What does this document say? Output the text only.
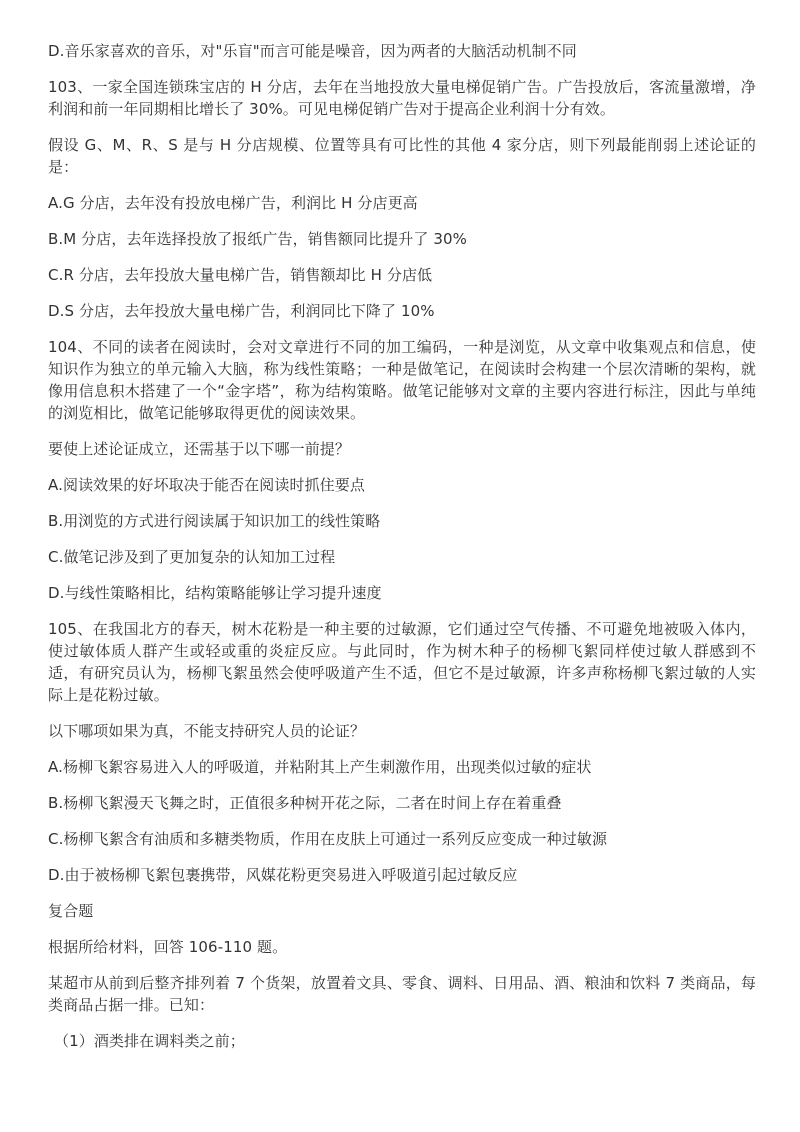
D.音乐家喜欢的音乐，对"乐盲"而言可能是噪音，因为两者的大脑活动机制不同

103、一家全国连锁珠宝店的 H 分店，去年在当地投放大量电梯促销广告。广告投放后，客流量激增，净利润和前一年同期相比增长了 30%。可见电梯促销广告对于提高企业利润十分有效。

假设 G、M、R、S 是与 H 分店规模、位置等具有可比性的其他 4 家分店，则下列最能削弱上述论证的是：

A.G 分店，去年没有投放电梯广告，利润比 H 分店更高

B.M 分店，去年选择投放了报纸广告，销售额同比提升了 30%

C.R 分店，去年投放大量电梯广告，销售额却比 H 分店低

D.S 分店，去年投放大量电梯广告，利润同比下降了 10%

104、不同的读者在阅读时，会对文章进行不同的加工编码，一种是浏览，从文章中收集观点和信息，使知识作为独立的单元输入大脑，称为线性策略；一种是做笔记，在阅读时会构建一个层次清晰的架构，就像用信息积木搭建了一个“金字塔”，称为结构策略。做笔记能够对文章的主要内容进行标注，因此与单纯的浏览相比，做笔记能够取得更优的阅读效果。

要使上述论证成立，还需基于以下哪一前提？

A.阅读效果的好坏取决于能否在阅读时抓住要点

B.用浏览的方式进行阅读属于知识加工的线性策略

C.做笔记涉及到了更加复杂的认知加工过程

D.与线性策略相比，结构策略能够让学习提升速度

105、在我国北方的春天，树木花粉是一种主要的过敏源，它们通过空气传播、不可避免地被吸入体内，使过敏体质人群产生或轻或重的炎症反应。与此同时，作为树木种子的杨柳飞絮同样使过敏人群感到不适，有研究员认为，杨柳飞絮虽然会使呼吸道产生不适，但它不是过敏源，许多声称杨柳飞絮过敏的人实际上是花粉过敏。

以下哪项如果为真，不能支持研究人员的论证？

A.杨柳飞絮容易进入人的呼吸道，并粘附其上产生刺激作用，出现类似过敏的症状

B.杨柳飞絮漫天飞舞之时，正值很多种树开花之际，二者在时间上存在着重叠

C.杨柳飞絮含有油质和多糖类物质，作用在皮肤上可通过一系列反应变成一种过敏源

D.由于被杨柳飞絮包裹携带，风媒花粉更突易进入呼吸道引起过敏反应

复合题

根据所给材料，回答 106-110 题。

某超市从前到后整齐排列着 7 个货架，放置着文具、零食、调料、日用品、酒、粮油和饮料 7 类商品，每类商品占据一排。已知：

（1）酒类排在调料类之前；
